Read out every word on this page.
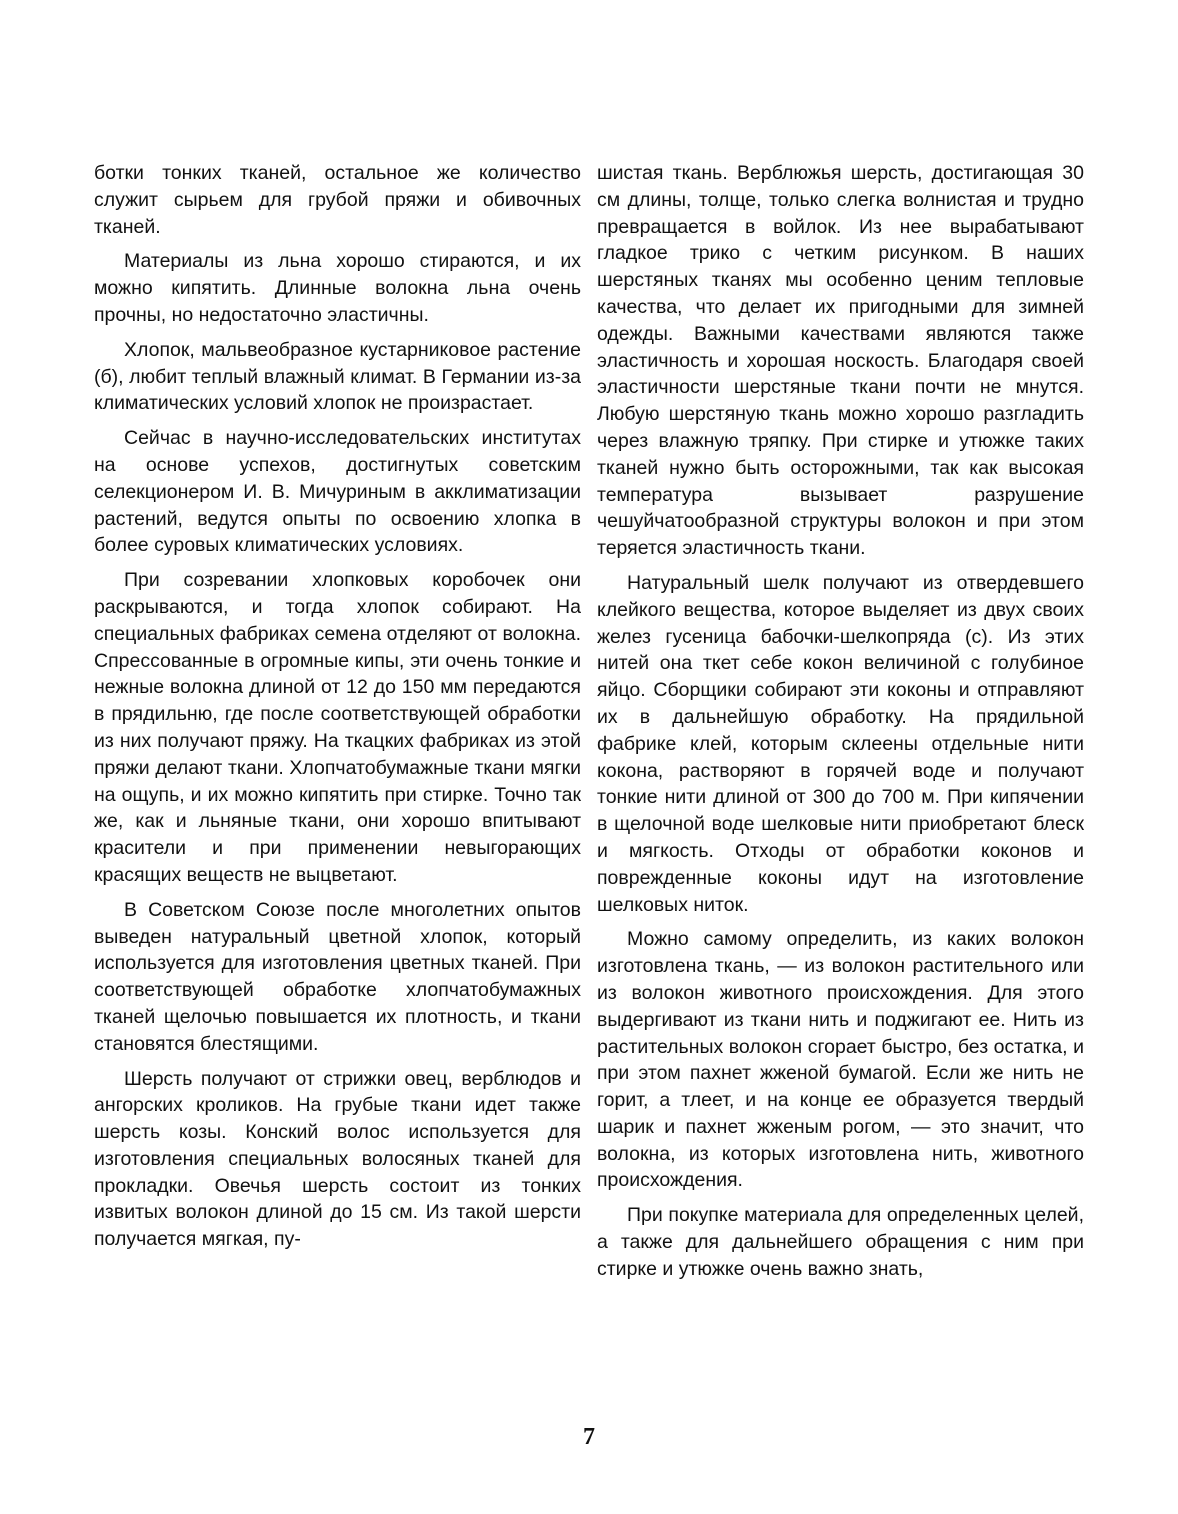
ботки тонких тканей, остальное же количество служит сырьем для грубой пряжи и обивочных тканей.

Материалы из льна хорошо стираются, и их можно кипятить. Длинные волокна льна очень прочны, но недостаточно эластичны.

Хлопок, мальвеобразное кустарниковое растение (б), любит теплый влажный климат. В Германии из-за климатических условий хлопок не произрастает.

Сейчас в научно-исследовательских институтах на основе успехов, достигнутых советским селекционером И. В. Мичуриным в акклиматизации растений, ведутся опыты по освоению хлопка в более суровых климатических условиях.

При созревании хлопковых коробочек они раскрываются, и тогда хлопок собирают. На специальных фабриках семена отделяют от волокна. Спрессованные в огромные кипы, эти очень тонкие и нежные волокна длиной от 12 до 150 мм передаются в прядильню, где после соответствующей обработки из них получают пряжу. На ткацких фабриках из этой пряжи делают ткани. Хлопчатобумажные ткани мягки на ощупь, и их можно кипятить при стирке. Точно так же, как и льняные ткани, они хорошо впитывают красители и при применении невыгорающих красящих веществ не выцветают.

В Советском Союзе после многолетних опытов выведен натуральный цветной хлопок, который используется для изготовления цветных тканей. При соответствующей обработке хлопчатобумажных тканей щелочью повышается их плотность, и ткани становятся блестящими.

Шерсть получают от стрижки овец, верблюдов и ангорских кроликов. На грубые ткани идет также шерсть козы. Конский волос используется для изготовления специальных волосяных тканей для прокладки. Овечья шерсть состоит из тонких извитых волокон длиной до 15 см. Из такой шерсти получается мягкая, пу-

шистая ткань. Верблюжья шерсть, достигающая 30 см длины, толще, только слегка волнистая и трудно превращается в войлок. Из нее вырабатывают гладкое трико с четким рисунком. В наших шерстяных тканях мы особенно ценим тепловые качества, что делает их пригодными для зимней одежды. Важными качествами являются также эластичность и хорошая носкость. Благодаря своей эластичности шерстяные ткани почти не мнутся. Любую шерстяную ткань можно хорошо разгладить через влажную тряпку. При стирке и утюжке таких тканей нужно быть осторожными, так как высокая температура вызывает разрушение чешуйчатообразной структуры волокон и при этом теряется эластичность ткани.

Натуральный шелк получают из отвердевшего клейкого вещества, которое выделяет из двух своих желез гусеница бабочки-шелкопряда (с). Из этих нитей она ткет себе кокон величиной с голубиное яйцо. Сборщики собирают эти коконы и отправляют их в дальнейшую обработку. На прядильной фабрике клей, которым склеены отдельные нити кокона, растворяют в горячей воде и получают тонкие нити длиной от 300 до 700 м. При кипячении в щелочной воде шелковые нити приобретают блеск и мягкость. Отходы от обработки коконов и поврежденные коконы идут на изготовление шелковых ниток.

Можно самому определить, из каких волокон изготовлена ткань, — из волокон растительного или из волокон животного происхождения. Для этого выдергивают из ткани нить и поджигают ее. Нить из растительных волокон сгорает быстро, без остатка, и при этом пахнет жженой бумагой. Если же нить не горит, а тлеет, и на конце ее образуется твердый шарик и пахнет жженым рогом, — это значит, что волокна, из которых изготовлена нить, животного происхождения.

При покупке материала для определенных целей, а также для дальнейшего обращения с ним при стирке и утюжке очень важно знать,

7
